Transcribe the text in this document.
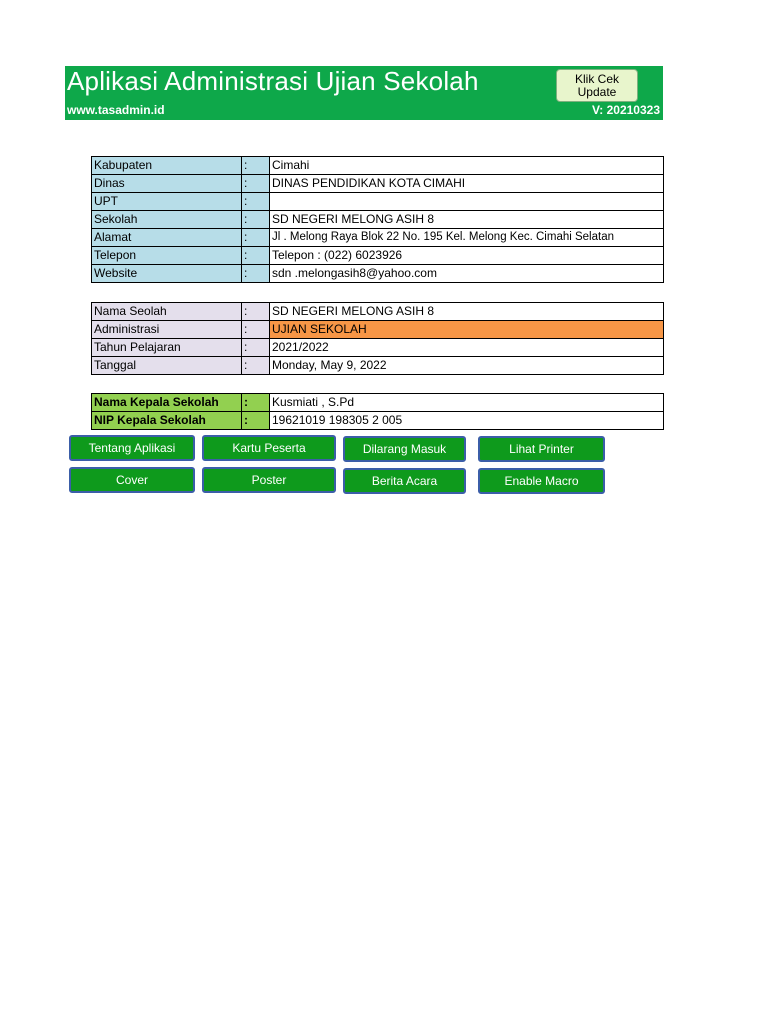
Aplikasi Administrasi Ujian Sekolah
www.tasadmin.id	V: 20210323
Klik Cek
Update
Kabupaten	:	Cimahi
Dinas	:	DINAS PENDIDIKAN KOTA CIMAHI
UPT	:	
Sekolah	:	SD NEGERI MELONG ASIH 8
Alamat	:	Jl . Melong Raya Blok 22 No. 195 Kel. Melong Kec. Cimahi Selatan
Telepon	:	Telepon : (022) 6023926
Website	:	sdn .melongasih8@yahoo.com
Nama Seolah	:	SD NEGERI MELONG ASIH 8
Administrasi	:	UJIAN SEKOLAH
Tahun Pelajaran	:	2021/2022
Tanggal	:	Monday, May 9, 2022
Nama Kepala Sekolah	:	Kusmiati , S.Pd
NIP Kepala Sekolah	:	19621019 198305 2 005
Tentang Aplikasi	Kartu Peserta	Dilarang Masuk	Lihat Printer
Cover	Poster	Berita Acara	Enable Macro
